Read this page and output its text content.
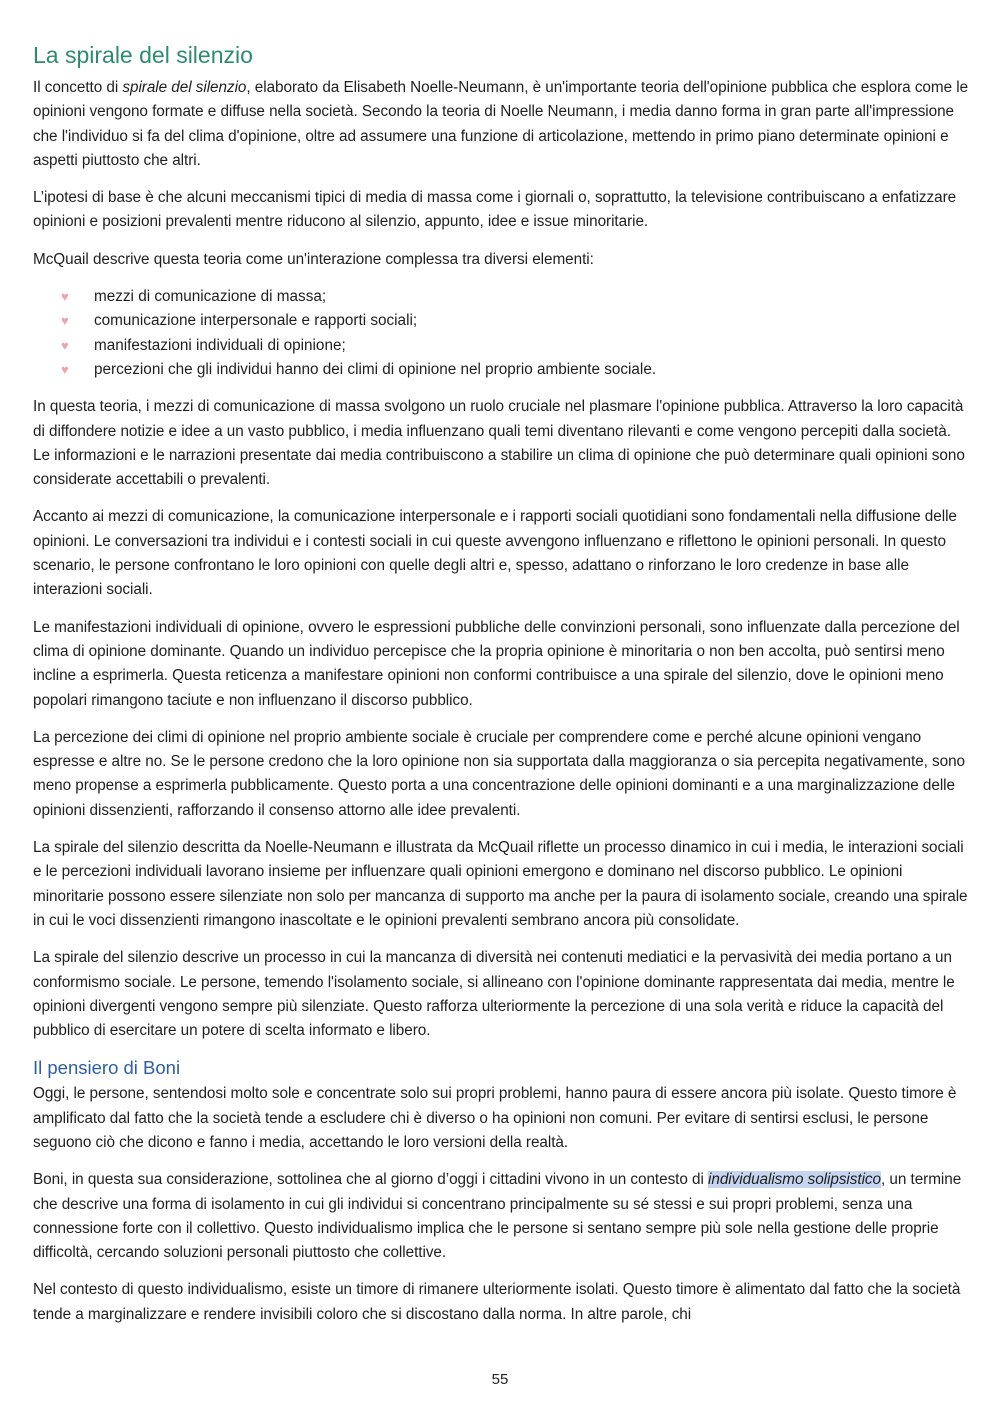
La spirale del silenzio

Il concetto di spirale del silenzio, elaborato da Elisabeth Noelle-Neumann, è un'importante teoria dell'opinione pubblica che esplora come le opinioni vengono formate e diffuse nella società. Secondo la teoria di Noelle Neumann, i media danno forma in gran parte all'impressione che l'individuo si fa del clima d'opinione, oltre ad assumere una funzione di articolazione, mettendo in primo piano determinate opinioni e aspetti piuttosto che altri.

L’ipotesi di base è che alcuni meccanismi tipici di media di massa come i giornali o, soprattutto, la televisione contribuiscano a enfatizzare opinioni e posizioni prevalenti mentre riducono al silenzio, appunto, idee e issue minoritarie.

McQuail descrive questa teoria come un'interazione complessa tra diversi elementi:

♥ mezzi di comunicazione di massa;
♥ comunicazione interpersonale e rapporti sociali;
♥ manifestazioni individuali di opinione;
♥ percezioni che gli individui hanno dei climi di opinione nel proprio ambiente sociale.

In questa teoria, i mezzi di comunicazione di massa svolgono un ruolo cruciale nel plasmare l'opinione pubblica. Attraverso la loro capacità di diffondere notizie e idee a un vasto pubblico, i media influenzano quali temi diventano rilevanti e come vengono percepiti dalla società. Le informazioni e le narrazioni presentate dai media contribuiscono a stabilire un clima di opinione che può determinare quali opinioni sono considerate accettabili o prevalenti.

Accanto ai mezzi di comunicazione, la comunicazione interpersonale e i rapporti sociali quotidiani sono fondamentali nella diffusione delle opinioni. Le conversazioni tra individui e i contesti sociali in cui queste avvengono influenzano e riflettono le opinioni personali. In questo scenario, le persone confrontano le loro opinioni con quelle degli altri e, spesso, adattano o rinforzano le loro credenze in base alle interazioni sociali.

Le manifestazioni individuali di opinione, ovvero le espressioni pubbliche delle convinzioni personali, sono influenzate dalla percezione del clima di opinione dominante. Quando un individuo percepisce che la propria opinione è minoritaria o non ben accolta, può sentirsi meno incline a esprimerla. Questa reticenza a manifestare opinioni non conformi contribuisce a una spirale del silenzio, dove le opinioni meno popolari rimangono taciute e non influenzano il discorso pubblico.

La percezione dei climi di opinione nel proprio ambiente sociale è cruciale per comprendere come e perché alcune opinioni vengano espresse e altre no. Se le persone credono che la loro opinione non sia supportata dalla maggioranza o sia percepita negativamente, sono meno propense a esprimerla pubblicamente. Questo porta a una concentrazione delle opinioni dominanti e a una marginalizzazione delle opinioni dissenzienti, rafforzando il consenso attorno alle idee prevalenti.

La spirale del silenzio descritta da Noelle-Neumann e illustrata da McQuail riflette un processo dinamico in cui i media, le interazioni sociali e le percezioni individuali lavorano insieme per influenzare quali opinioni emergono e dominano nel discorso pubblico. Le opinioni minoritarie possono essere silenziate non solo per mancanza di supporto ma anche per la paura di isolamento sociale, creando una spirale in cui le voci dissenzienti rimangono inascoltate e le opinioni prevalenti sembrano ancora più consolidate.

La spirale del silenzio descrive un processo in cui la mancanza di diversità nei contenuti mediatici e la pervasività dei media portano a un conformismo sociale. Le persone, temendo l'isolamento sociale, si allineano con l'opinione dominante rappresentata dai media, mentre le opinioni divergenti vengono sempre più silenziate. Questo rafforza ulteriormente la percezione di una sola verità e riduce la capacità del pubblico di esercitare un potere di scelta informato e libero.

Il pensiero di Boni

Oggi, le persone, sentendosi molto sole e concentrate solo sui propri problemi, hanno paura di essere ancora più isolate. Questo timore è amplificato dal fatto che la società tende a escludere chi è diverso o ha opinioni non comuni. Per evitare di sentirsi esclusi, le persone seguono ciò che dicono e fanno i media, accettando le loro versioni della realtà.

Boni, in questa sua considerazione, sottolinea che al giorno d’oggi i cittadini vivono in un contesto di individualismo solipsistico, un termine che descrive una forma di isolamento in cui gli individui si concentrano principalmente su sé stessi e sui propri problemi, senza una connessione forte con il collettivo. Questo individualismo implica che le persone si sentano sempre più sole nella gestione delle proprie difficoltà, cercando soluzioni personali piuttosto che collettive.

Nel contesto di questo individualismo, esiste un timore di rimanere ulteriormente isolati. Questo timore è alimentato dal fatto che la società tende a marginalizzare e rendere invisibili coloro che si discostano dalla norma. In altre parole, chi

55
